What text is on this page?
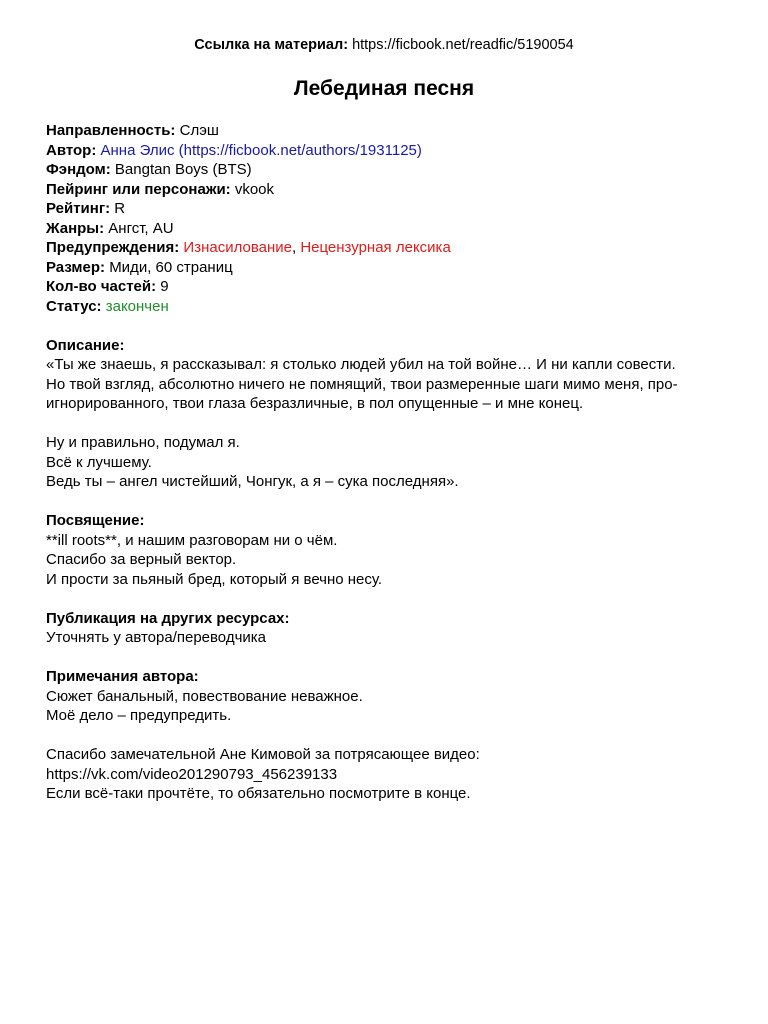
Ссылка на материал: https://ficbook.net/readfic/5190054
Лебединая песня
Направленность: Слэш
Автор: Анна Элис (https://ficbook.net/authors/1931125)
Фэндом: Bangtan Boys (BTS)
Пейринг или персонажи: vkook
Рейтинг: R
Жанры: Ангст, AU
Предупреждения: Изнасилование, Нецензурная лексика
Размер: Миди, 60 страниц
Кол-во частей: 9
Статус: закончен
Описание:
«Ты же знаешь, я рассказывал: я столько людей убил на той войне… И ни капли совести.
Но твой взгляд, абсолютно ничего не помнящий, твои размеренные шаги мимо меня, про-
игнорированного, твои глаза безразличные, в пол опущенные – и мне конец.
Ну и правильно, подумал я.
Всё к лучшему.
Ведь ты – ангел чистейший, Чонгук, а я – сука последняя».
Посвящение:
**ill roots**, и нашим разговорам ни о чём.
Спасибо за верный вектор.
И прости за пьяный бред, который я вечно несу.
Публикация на других ресурсах:
Уточнять у автора/переводчика
Примечания автора:
Сюжет банальный, повествование неважное.
Моё дело – предупредить.
Спасибо замечательной Ане Кимовой за потрясающее видео:
https://vk.com/video201290793_456239133
Если всё-таки прочтёте, то обязательно посмотрите в конце.
